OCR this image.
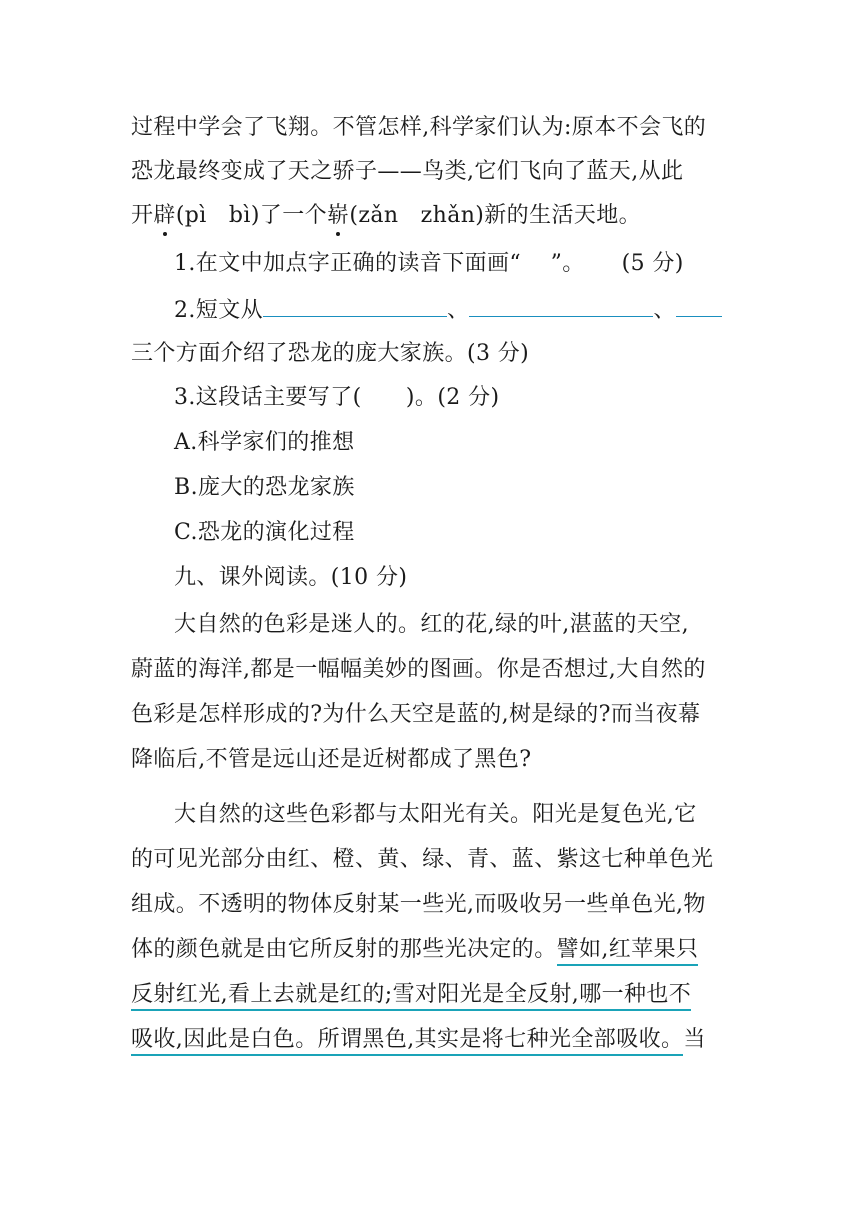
过程中学会了飞翔。不管怎样,科学家们认为:原本不会飞的
恐龙最终变成了天之骄子——鸟类,它们飞向了蓝天,从此
开辟(pì   bì)了一个崭(zǎn   zhǎn)新的生活天地。
1.在文中加点字正确的读音下面画“    ”。     (5 分)
2.短文从	、	、
三个方面介绍了恐龙的庞大家族。(3 分)
3.这段话主要写了(      )。(2 分)
A.科学家们的推想
B.庞大的恐龙家族
C.恐龙的演化过程
九、课外阅读。(10 分)
大自然的色彩是迷人的。红的花,绿的叶,湛蓝的天空,
蔚蓝的海洋,都是一幅幅美妙的图画。你是否想过,大自然的
色彩是怎样形成的?为什么天空是蓝的,树是绿的?而当夜幕
降临后,不管是远山还是近树都成了黑色?
大自然的这些色彩都与太阳光有关。阳光是复色光,它
的可见光部分由红、橙、黄、绿、青、蓝、紫这七种单色光
组成。不透明的物体反射某一些光,而吸收另一些单色光,物
体的颜色就是由它所反射的那些光决定的。譬如,红苹果只
反射红光,看上去就是红的;雪对阳光是全反射,哪一种也不
吸收,因此是白色。所谓黑色,其实是将七种光全部吸收。当
